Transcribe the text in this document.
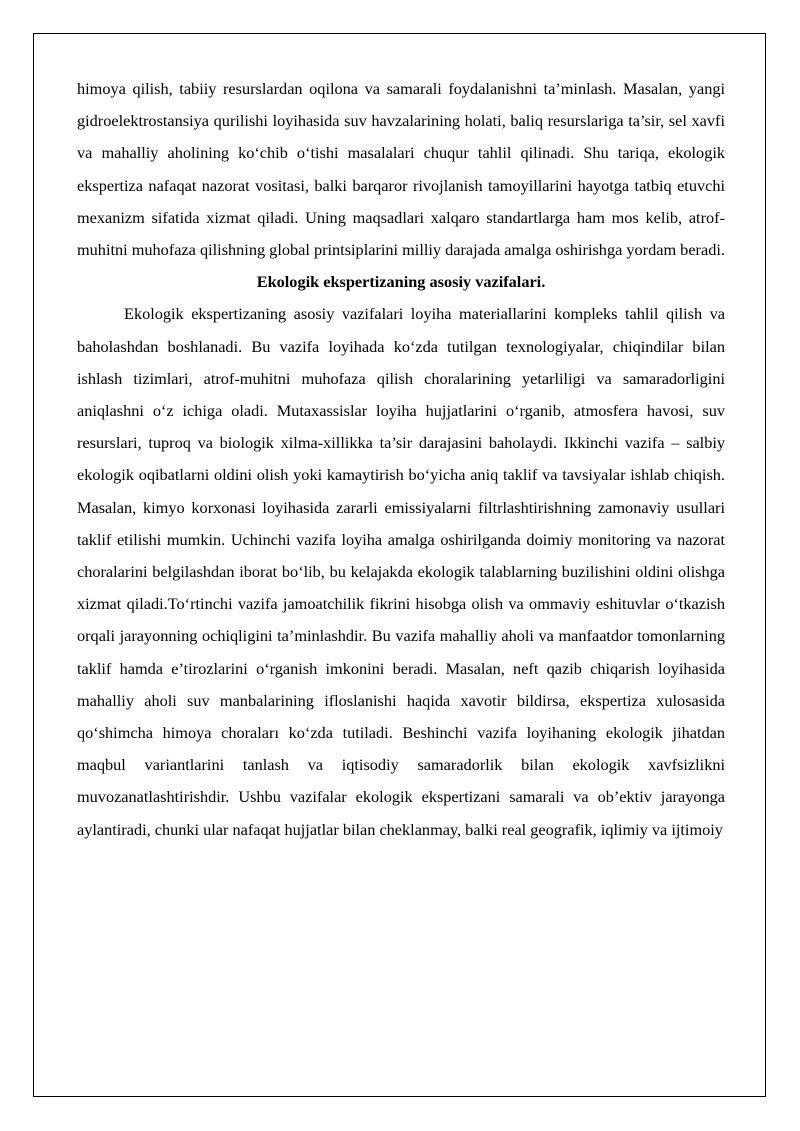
himoya qilish, tabiiy resurslardan oqilona va samarali foydalanishni ta’minlash. Masalan, yangi gidroelektrostansiya qurilishi loyihasida suv havzalarining holati, baliq resurslariga ta’sir, sel xavfi va mahalliy aholining ko‘chib o‘tishi masalalari chuqur tahlil qilinadi. Shu tariqa, ekologik ekspertiza nafaqat nazorat vositasi, balki barqaror rivojlanish tamoyillarini hayotga tatbiq etuvchi mexanizm sifatida xizmat qiladi. Uning maqsadlari xalqaro standartlarga ham mos kelib, atrof-muhitni muhofaza qilishning global printsiplarini milliy darajada amalga oshirishga yordam beradi.

Ekologik ekspertizaning asosiy vazifalari.

Ekologik ekspertizaning asosiy vazifalari loyiha materiallarini kompleks tahlil qilish va baholashdan boshlanadi. Bu vazifa loyihada ko‘zda tutilgan texnologiyalar, chiqindilar bilan ishlash tizimlari, atrof-muhitni muhofaza qilish choralarining yetarliligi va samaradorligini aniqlashni o‘z ichiga oladi. Mutaxassislar loyiha hujjatlarini o‘rganib, atmosfera havosi, suv resurslari, tuproq va biologik xilma-xillikka ta’sir darajasini baholaydi. Ikkinchi vazifa – salbiy ekologik oqibatlarni oldini olish yoki kamaytirish bo‘yicha aniq taklif va tavsiyalar ishlab chiqish. Masalan, kimyo korxonasi loyihasida zararli emissiyalarni filtrlashtirishning zamonaviy usullari taklif etilishi mumkin. Uchinchi vazifa loyiha amalga oshirilganda doimiy monitoring va nazorat choralarini belgilashdan iborat bo‘lib, bu kelajakda ekologik talablarning buzilishini oldini olishga xizmat qiladi.To‘rtinchi vazifa jamoatchilik fikrini hisobga olish va ommaviy eshituvlar o‘tkazish orqali jarayonning ochiqligini ta’minlashdir. Bu vazifa mahalliy aholi va manfaatdor tomonlarning taklif hamda e’tirozlarini o‘rganish imkonini beradi. Masalan, neft qazib chiqarish loyihasida mahalliy aholi suv manbalarining ifloslanishi haqida xavotir bildirsa, ekspertiza xulosasida qo‘shimcha himoya choraları ko‘zda tutiladi. Beshinchi vazifa loyihaning ekologik jihatdan maqbul variantlarini tanlash va iqtisodiy samaradorlik bilan ekologik xavfsizlikni muvozanatlashtirishdir. Ushbu vazifalar ekologik ekspertizani samarali va ob’ektiv jarayonga aylantiradi, chunki ular nafaqat hujjatlar bilan cheklanmay, balki real geografik, iqlimiy va ijtimoiy
